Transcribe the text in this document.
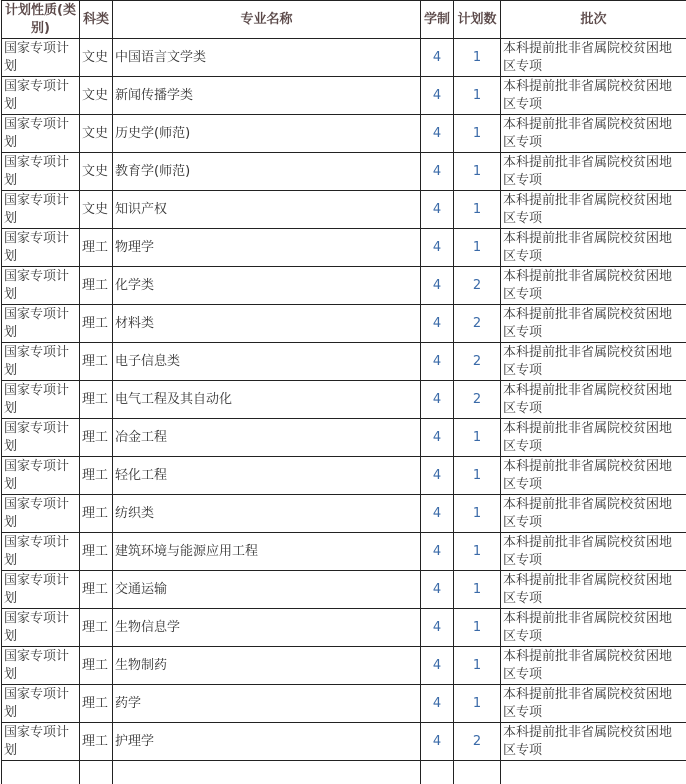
计划性质(类别)	科类	专业名称	学制	计划数	批次
国家专项计划	文史	中国语言文学类	4	1	本科提前批非省属院校贫困地区专项
国家专项计划	文史	新闻传播学类	4	1	本科提前批非省属院校贫困地区专项
国家专项计划	文史	历史学(师范)	4	1	本科提前批非省属院校贫困地区专项
国家专项计划	文史	教育学(师范)	4	1	本科提前批非省属院校贫困地区专项
国家专项计划	文史	知识产权	4	1	本科提前批非省属院校贫困地区专项
国家专项计划	理工	物理学	4	1	本科提前批非省属院校贫困地区专项
国家专项计划	理工	化学类	4	2	本科提前批非省属院校贫困地区专项
国家专项计划	理工	材料类	4	2	本科提前批非省属院校贫困地区专项
国家专项计划	理工	电子信息类	4	2	本科提前批非省属院校贫困地区专项
国家专项计划	理工	电气工程及其自动化	4	2	本科提前批非省属院校贫困地区专项
国家专项计划	理工	冶金工程	4	1	本科提前批非省属院校贫困地区专项
国家专项计划	理工	轻化工程	4	1	本科提前批非省属院校贫困地区专项
国家专项计划	理工	纺织类	4	1	本科提前批非省属院校贫困地区专项
国家专项计划	理工	建筑环境与能源应用工程	4	1	本科提前批非省属院校贫困地区专项
国家专项计划	理工	交通运输	4	1	本科提前批非省属院校贫困地区专项
国家专项计划	理工	生物信息学	4	1	本科提前批非省属院校贫困地区专项
国家专项计划	理工	生物制药	4	1	本科提前批非省属院校贫困地区专项
国家专项计划	理工	药学	4	1	本科提前批非省属院校贫困地区专项
国家专项计划	理工	护理学	4	2	本科提前批非省属院校贫困地区专项
